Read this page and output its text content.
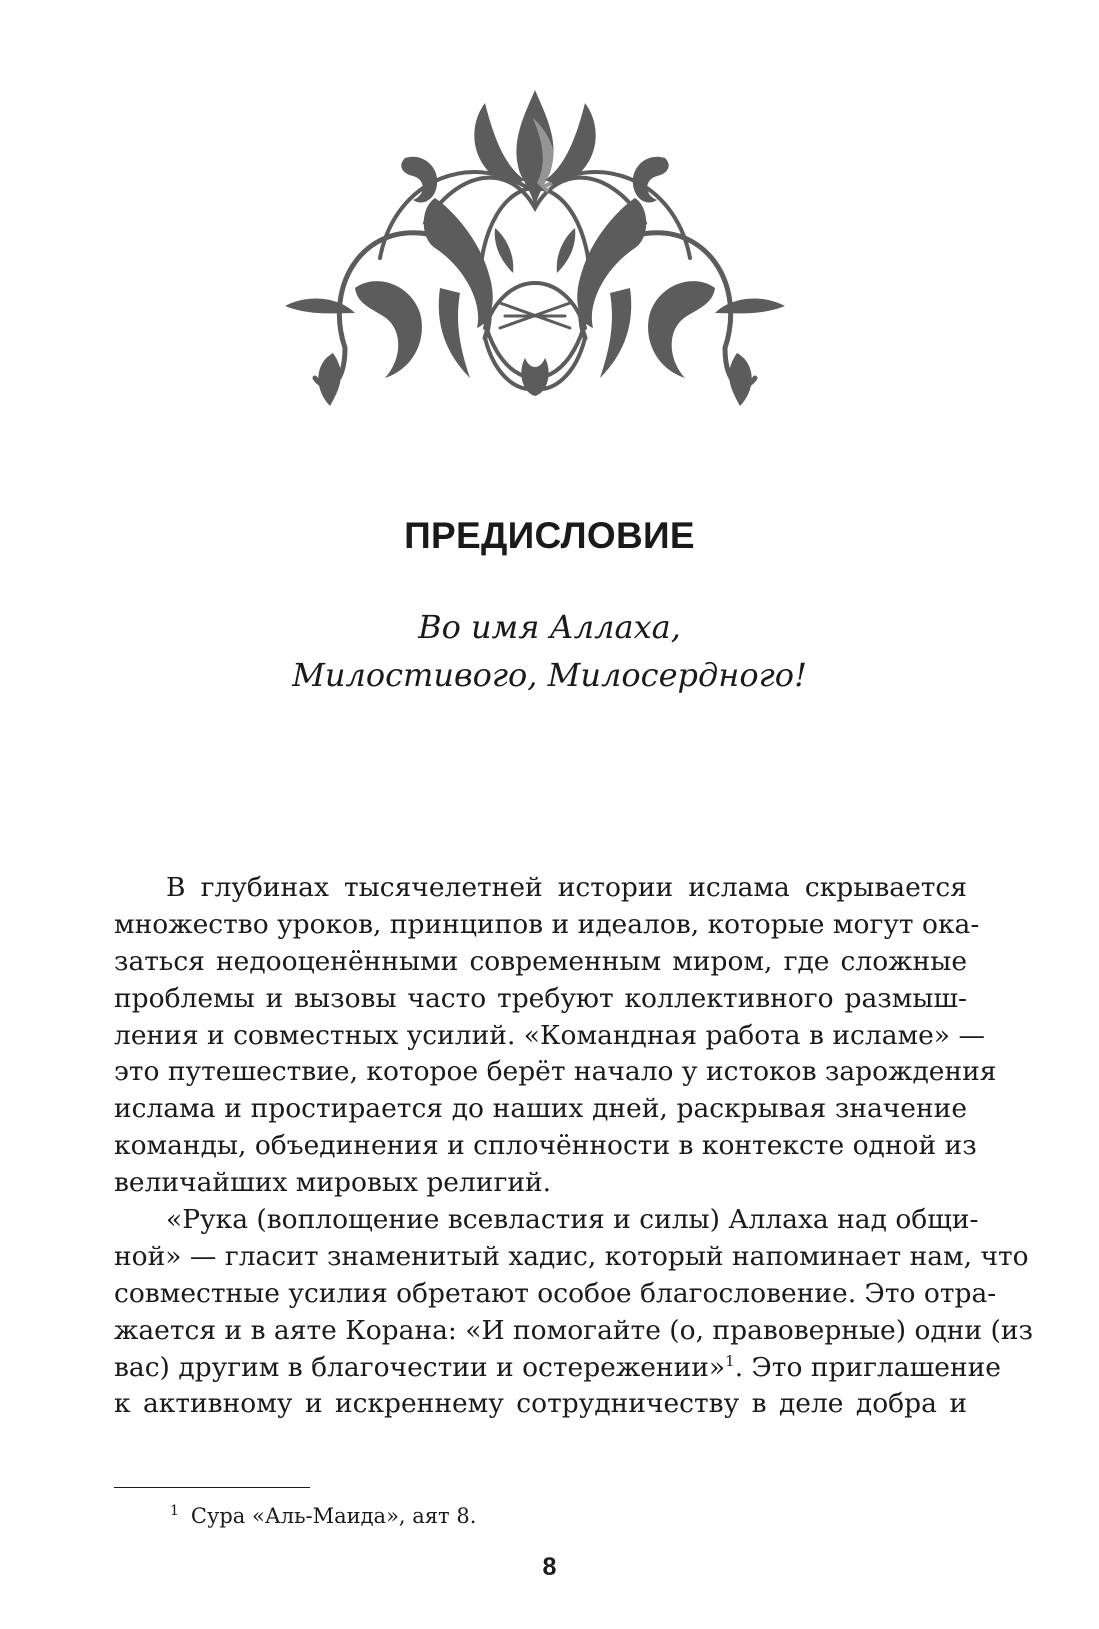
ПРЕДИСЛОВИЕ
Во имя Аллаха,
Милостивого, Милосердного!
В глубинах тысячелетней истории ислама скрывается
множество уроков, принципов и идеалов, которые могут ока-
заться недооценёнными современным миром, где сложные
проблемы и вызовы часто требуют коллективного размыш-
ления и совместных усилий. «Командная работа в исламе» —
это путешествие, которое берёт начало у истоков зарождения
ислама и простирается до наших дней, раскрывая значение
команды, объединения и сплочённости в контексте одной из
величайших мировых религий.
«Рука (воплощение всевластия и силы) Аллаха над общи-
ной» — гласит знаменитый хадис, который напоминает нам, что
совместные усилия обретают особое благословение. Это отра-
жается и в аяте Корана: «И помогайте (о, правоверные) одни (из
вас) другим в благочестии и остережении»$^1$. Это приглашение
к активному и искреннему сотрудничеству в деле добра и
$^1$ Сура «Аль-Маида», аят 8.
8
